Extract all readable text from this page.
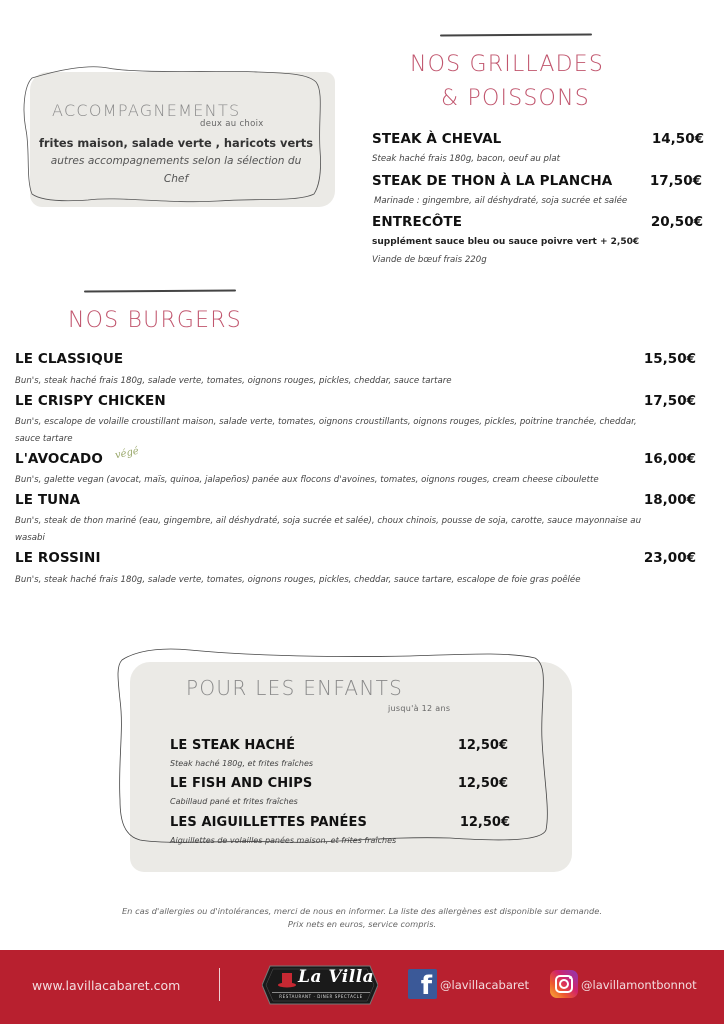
ACCOMPAGNEMENTS
deux au choix
frites maison, salade verte , haricots verts
autres accompagnements selon la sélection du
Chef
NOS GRILLADES
& POISSONS
STEAK À CHEVAL	14,50€
Steak haché frais 180g, bacon, oeuf au plat
STEAK DE THON À LA PLANCHA	17,50€
Marinade : gingembre, ail déshydraté, soja sucrée et salée
ENTRECÔTE	20,50€
supplément sauce bleu ou sauce poivre vert + 2,50€
Viande de bœuf frais 220g
NOS BURGERS
LE CLASSIQUE	15,50€
Bun's, steak haché frais 180g, salade verte, tomates, oignons rouges, pickles, cheddar, sauce tartare
LE CRISPY CHICKEN	17,50€
Bun's, escalope de volaille croustillant maison, salade verte, tomates, oignons croustillants, oignons rouges, pickles, poitrine tranchée, cheddar,
sauce tartare
L'AVOCADO végé	16,00€
Bun's, galette vegan (avocat, maïs, quinoa, jalapeños) panée aux flocons d'avoines, tomates, oignons rouges, cream cheese ciboulette
LE TUNA	18,00€
Bun's, steak de thon mariné (eau, gingembre, ail déshydraté, soja sucrée et salée), choux chinois, pousse de soja, carotte, sauce mayonnaise au
wasabi
LE ROSSINI	23,00€
Bun's, steak haché frais 180g, salade verte, tomates, oignons rouges, pickles, cheddar, sauce tartare, escalope de foie gras poêlée
POUR LES ENFANTS
jusqu'à 12 ans
LE STEAK HACHÉ	12,50€
Steak haché 180g, et frites fraîches
LE FISH AND CHIPS	12,50€
Cabillaud pané et frites fraîches
LES AIGUILLETTES PANÉES	12,50€
Aiguillettes de volailles panées maison, et frites fraîches
En cas d'allergies ou d'intolérances, merci de nous en informer. La liste des allergènes est disponible sur demande.
Prix nets en euros, service compris.
www.lavillacabaret.com	La Villa
RESTAURANT · DINER SPECTACLE f @lavillacabaret	@lavillamontbonnot
